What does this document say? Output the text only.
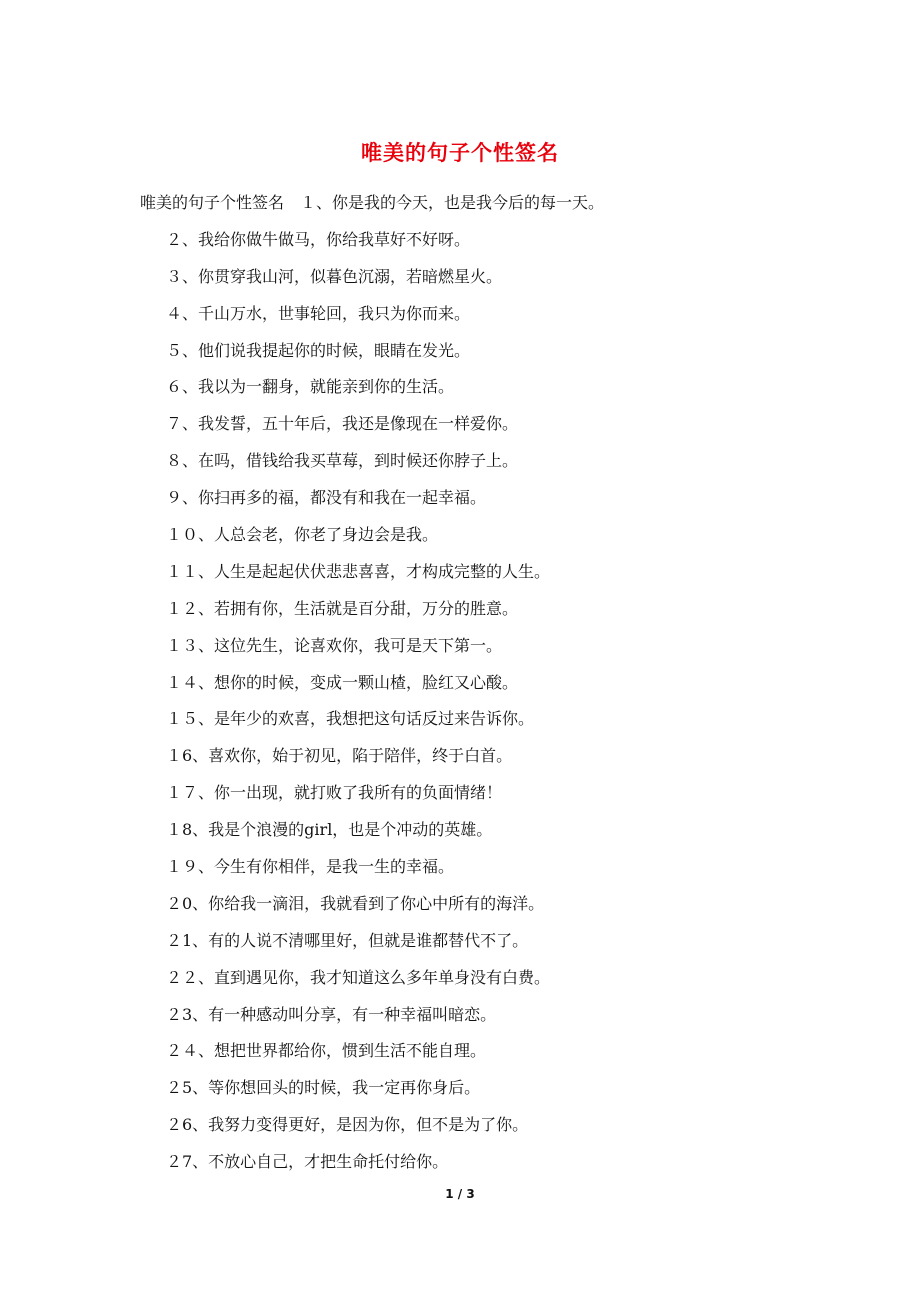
唯美的句子个性签名

唯美的句子个性签名　１、你是我的今天，也是我今后的每一天。

２、我给你做牛做马，你给我草好不好呀。

３、你贯穿我山河，似暮色沉溺，若暗燃星火。

４、千山万水，世事轮回，我只为你而来。

５、他们说我提起你的时候，眼睛在发光。

６、我以为一翻身，就能亲到你的生活。

７、我发誓，五十年后，我还是像现在一样爱你。

８、在吗，借钱给我买草莓，到时候还你脖子上。

９、你扫再多的福，都没有和我在一起幸福。

１０、人总会老，你老了身边会是我。

１１、人生是起起伏伏悲悲喜喜，才构成完整的人生。

１２、若拥有你，生活就是百分甜，万分的胜意。

１３、这位先生，论喜欢你，我可是天下第一。

１４、想你的时候，变成一颗山楂，脸红又心酸。

１５、是年少的欢喜，我想把这句话反过来告诉你。

１6、喜欢你，始于初见，陷于陪伴，终于白首。

１７、你一出现，就打败了我所有的负面情绪！

１8、我是个浪漫的girl，也是个冲动的英雄。

１９、今生有你相伴，是我一生的幸福。

２0、你给我一滴泪，我就看到了你心中所有的海洋。

２1、有的人说不清哪里好，但就是谁都替代不了。

２２、直到遇见你，我才知道这么多年单身没有白费。

２3、有一种感动叫分享，有一种幸福叫暗恋。

２４、想把世界都给你，惯到生活不能自理。

２5、等你想回头的时候，我一定再你身后。

２6、我努力变得更好，是因为你，但不是为了你。

２7、不放心自己，才把生命托付给你。

1 / 3
